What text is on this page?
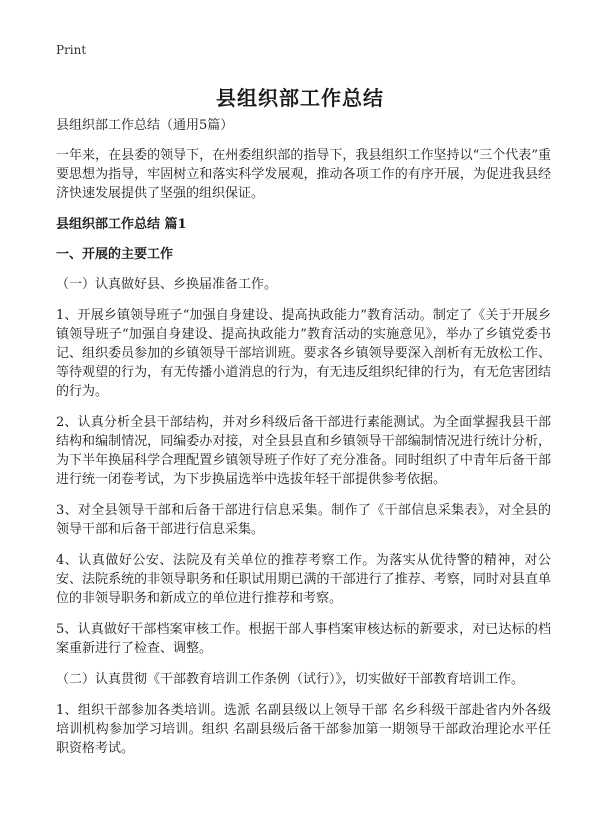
Print
县组织部工作总结

县组织部工作总结（通用5篇）

一年来，在县委的领导下，在州委组织部的指导下，我县组织工作坚持以“三个代表”重要思想为指导，牢固树立和落实科学发展观，推动各项工作的有序开展，为促进我县经济快速发展提供了坚强的组织保证。

县组织部工作总结 篇1
一、开展的主要工作

（一）认真做好县、乡换届准备工作。

1、开展乡镇领导班子“加强自身建设、提高执政能力”教育活动。制定了《关于开展乡镇领导班子“加强自身建设、提高执政能力”教育活动的实施意见》，举办了乡镇党委书记、组织委员参加的乡镇领导干部培训班。要求各乡镇领导要深入剖析有无放松工作、等待观望的行为，有无传播小道消息的行为，有无违反组织纪律的行为，有无危害团结的行为。

2、认真分析全县干部结构，并对乡科级后备干部进行素能测试。为全面掌握我县干部结构和编制情况，同编委办对接，对全县县直和乡镇领导干部编制情况进行统计分析，为下半年换届科学合理配置乡镇领导班子作好了充分准备。同时组织了中青年后备干部进行统一闭卷考试，为下步换届选举中选拔年轻干部提供参考依据。

3、对全县领导干部和后备干部进行信息采集。制作了《干部信息采集表》，对全县的领导干部和后备干部进行信息采集。

4、认真做好公安、法院及有关单位的推荐考察工作。为落实从优待警的精神，对公安、法院系统的非领导职务和任职试用期已满的干部进行了推荐、考察，同时对县直单位的非领导职务和新成立的单位进行推荐和考察。

5、认真做好干部档案审核工作。根据干部人事档案审核达标的新要求，对已达标的档案重新进行了检查、调整。

（二）认真贯彻《干部教育培训工作条例（试行）》，切实做好干部教育培训工作。

1、组织干部参加各类培训。选派 名副县级以上领导干部 名乡科级干部赴省内外各级培训机构参加学习培训。组织 名副县级后备干部参加第一期领导干部政治理论水平任职资格考试。
